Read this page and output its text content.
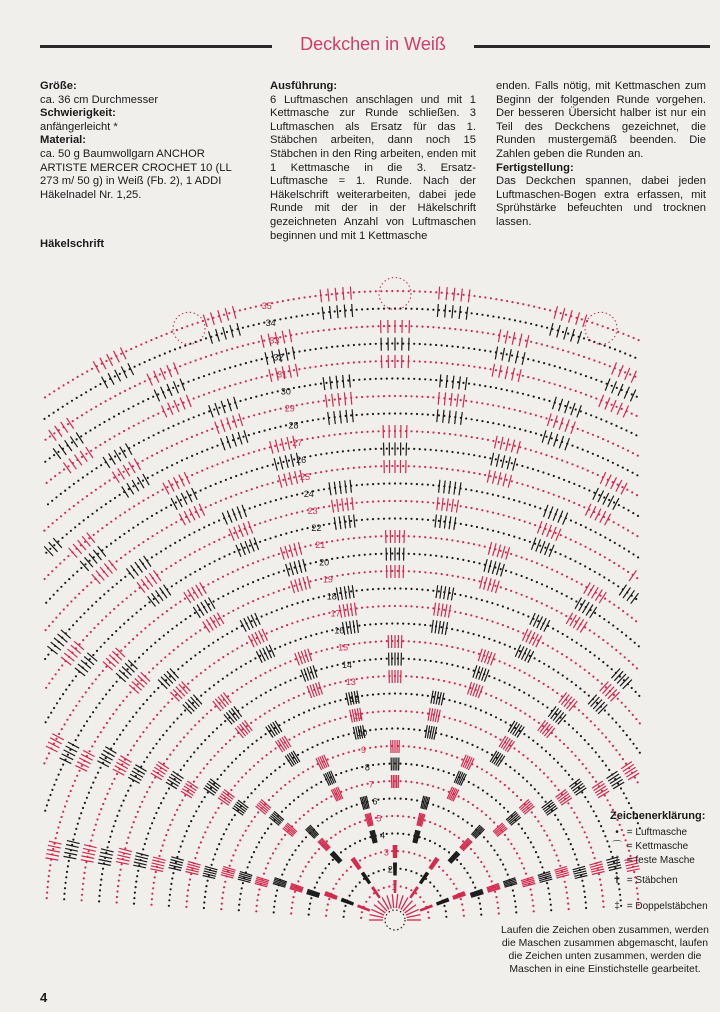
Deckchen in Weiß
Größe:
ca. 36 cm Durchmesser
Schwierigkeit:
anfängerleicht *
Material:
ca. 50 g Baumwollgarn ANCHOR ARTISTE MERCER CROCHET 10 (LL 273 m/ 50 g) in Weiß (Fb. 2), 1 ADDI Häkelnadel Nr. 1,25.
Ausführung:
6 Luftmaschen anschlagen und mit 1 Kettmasche zur Runde schließen. 3 Luftmaschen als Ersatz für das 1. Stäbchen arbeiten, dann noch 15 Stäbchen in den Ring arbeiten, enden mit 1 Kettmasche in die 3. Ersatz-Luftmasche = 1. Runde. Nach der Häkelschrift weiterarbeiten, dabei jede Runde mit der in der Häkelschrift gezeichneten Anzahl von Luftmaschen beginnen und mit 1 Kettmasche
enden. Falls nötig, mit Kettmaschen zum Beginn der folgenden Runde vorgehen. Der besseren Übersicht halber ist nur ein Teil des Deckchens gezeichnet, die Runden mustergemäß beenden. Die Zahlen geben die Runden an.
Fertigstellung:
Das Deckchen spannen, dabei jeden Luftmaschen-Bogen extra erfassen, mit Sprühstärke befeuchten und trocknen lassen.
Häkelschrift
1
2
3
4
5
6
7
8
9
10
11
12
13
14
15
16
17
18
19
20
21
22
23
24
25
26
27
28
29
30
31
32
33
34
35
Zeichenerklärung:
• = Luftmasche
⌒ = Kettmasche
| = feste Masche
✝ = Stäbchen
‡ = Doppelstäbchen
Laufen die Zeichen oben zusammen, werden die Maschen zusammen abgemascht, laufen die Zeichen unten zusammen, werden die Maschen in eine Einstichstelle gearbeitet.
4
